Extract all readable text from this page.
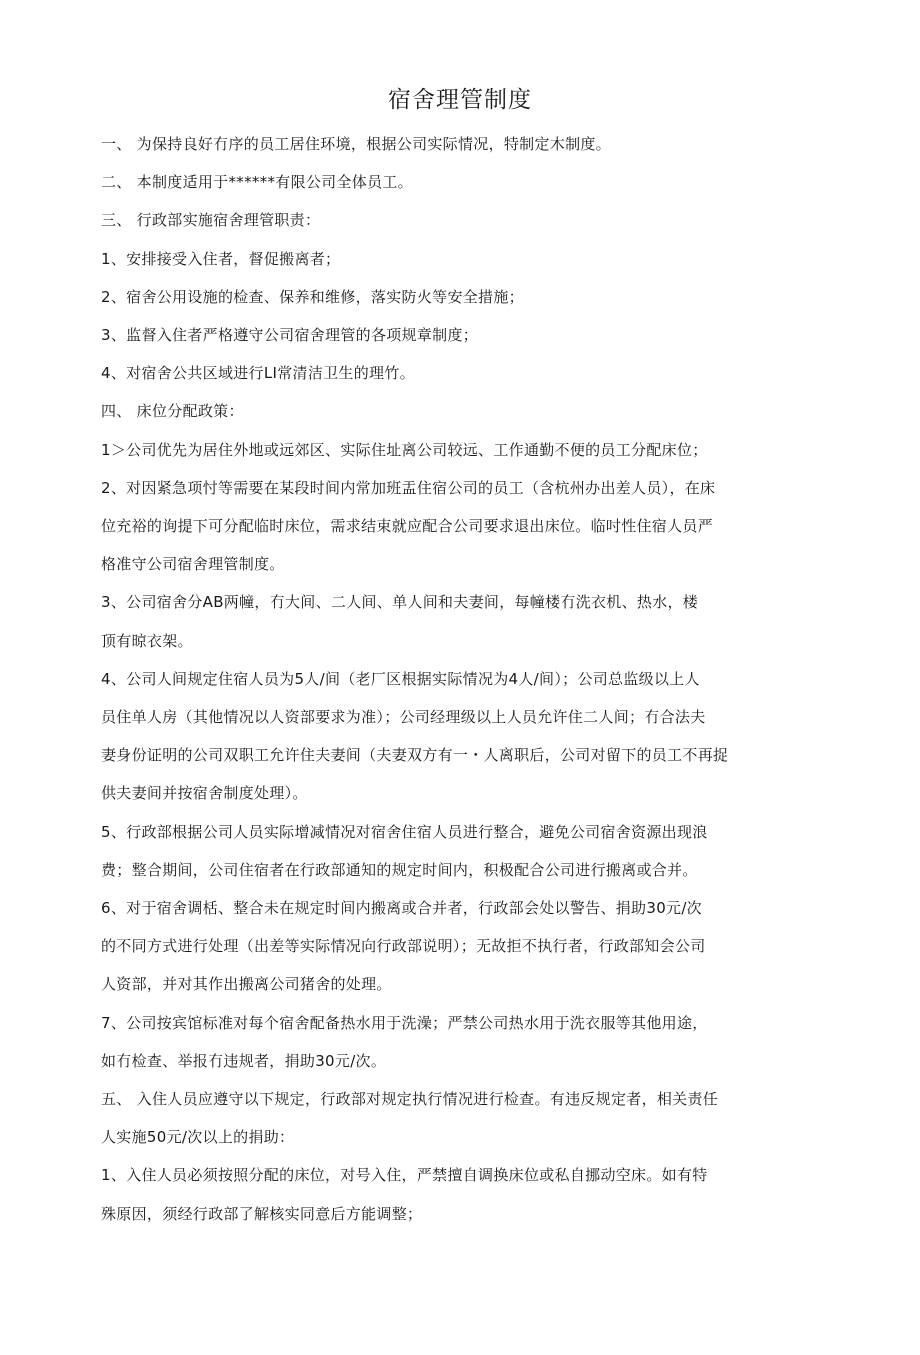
宿舍理管制度
一、 为保持良好冇序的员工居住环境，根据公司实际情况，特制定木制度。
二、 本制度适用于******有限公司全体员工。
三、 行政部实施宿舍理管职责：
1、安排接受入住者，督促搬离者；
2、宿舍公用设施的检查、保养和维修，落实防火等安全措施；
3、监督入住者严格遵守公司宿舍理管的各项规章制度；
4、对宿舍公共区域进行LI常清洁卫生的理竹。
四、 床位分配政策：
1＞公司优先为居住外地或远郊区、实际住址离公司较远、工作通勤不便的员工分配床位；
2、对因紧急项忖等需要在某段时间内常加班盂住宿公司的员工（含杭州办出差人员），在床
位充裕的询提下可分配临时床位，需求结束就应配合公司要求退出床位。临吋性住宿人员严
格准守公司宿舍理管制度。
3、公司宿舍分AB两幢，冇大间、二人间、单人间和夫妻间，每幢楼冇洗衣机、热水，楼
顶有晾衣架。
4、公司人间规定住宿人员为5人/间（老厂区根据实际情况为4人/间）；公司总监级以上人
员住单人房（其他情况以人资部要求为准）；公司经理级以上人员允许住二人间；冇合法夫
妻身份证明的公司双职工允许住夫妻间（夫妻双方有一・人离职后，公司对留下的员工不再捉
供夫妻间并按宿舍制度处理）。
5、行政部根据公司人员实际增减情况对宿舍住宿人员进行整合，避免公司宿舍资源出现浪
费；整合期间，公司住宿者在行政部通知的规定时间内，积极配合公司进行搬离或合并。
6、对于宿舍调栝、整合未在规定时间内搬离或合并者，行政部会处以警告、捐助30元/次
的不同方式进行处理（出差等实际情况向行政部说明）；无故拒不执行者，行政部知会公司
人资部，并对其作出搬离公司猪舍的处理。
7、公司按宾馆标准对每个宿舍配备热水用于洗澡；严禁公司热水用于洗衣服等其他用途，
如冇检查、举报冇违规者，捐助30元/次。
五、 入住人员应遵守以下规定，行政部对规定执行情况进行检查。有违反规定者，相关责任
人实施50元/次以上的捐助：
1、入住人员必须按照分配的床位，对号入住，严禁擅自调换床位或私自挪动空床。如有特
殊原因，须经行政部了解核实同意后方能调整；
